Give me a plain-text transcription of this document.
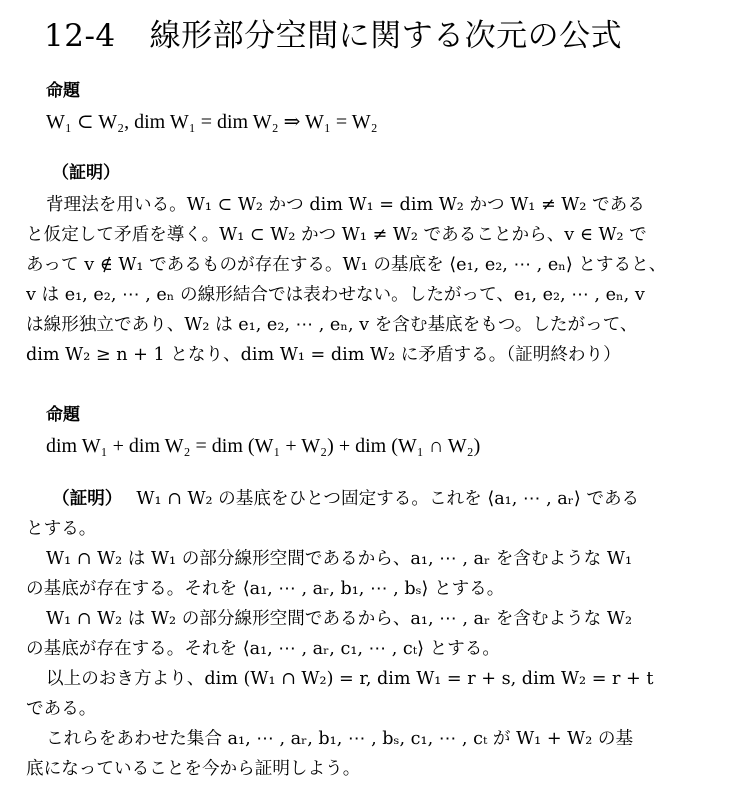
12-4 線形部分空間に関する次元の公式
命題
W₁ ⊂ W₂, dim W₁ = dim W₂ ⇒ W₁ = W₂
（証明）
背理法を用いる。W₁ ⊂ W₂ かつ dim W₁ = dim W₂ かつ W₁ ≠ W₂ である
と仮定して矛盾を導く。W₁ ⊂ W₂ かつ W₁ ≠ W₂ であることから、v ∈ W₂ で
あって v ∉ W₁ であるものが存在する。W₁ の基底を ⟨e₁, e₂, ⋯ , eₙ⟩ とすると、
v は e₁, e₂, ⋯ , eₙ の線形結合では表わせない。したがって、e₁, e₂, ⋯ , eₙ, v
は線形独立であり、W₂ は e₁, e₂, ⋯ , eₙ, v を含む基底をもつ。したがって、
dim W₂ ≥ n + 1 となり、dim W₁ = dim W₂ に矛盾する。（証明終わり）
命題
dim W₁ + dim W₂ = dim (W₁ + W₂) + dim (W₁ ∩ W₂)
（証明） W₁ ∩ W₂ の基底をひとつ固定する。これを ⟨a₁, ⋯ , aᵣ⟩ である
とする。
W₁ ∩ W₂ は W₁ の部分線形空間であるから、a₁, ⋯ , aᵣ を含むような W₁
の基底が存在する。それを ⟨a₁, ⋯ , aᵣ, b₁, ⋯ , bₛ⟩ とする。
W₁ ∩ W₂ は W₂ の部分線形空間であるから、a₁, ⋯ , aᵣ を含むような W₂
の基底が存在する。それを ⟨a₁, ⋯ , aᵣ, c₁, ⋯ , cₜ⟩ とする。
以上のおき方より、dim (W₁ ∩ W₂) = r, dim W₁ = r + s, dim W₂ = r + t
である。
これらをあわせた集合 a₁, ⋯ , aᵣ, b₁, ⋯ , bₛ, c₁, ⋯ , cₜ が W₁ + W₂ の基
底になっていることを今から証明しよう。
